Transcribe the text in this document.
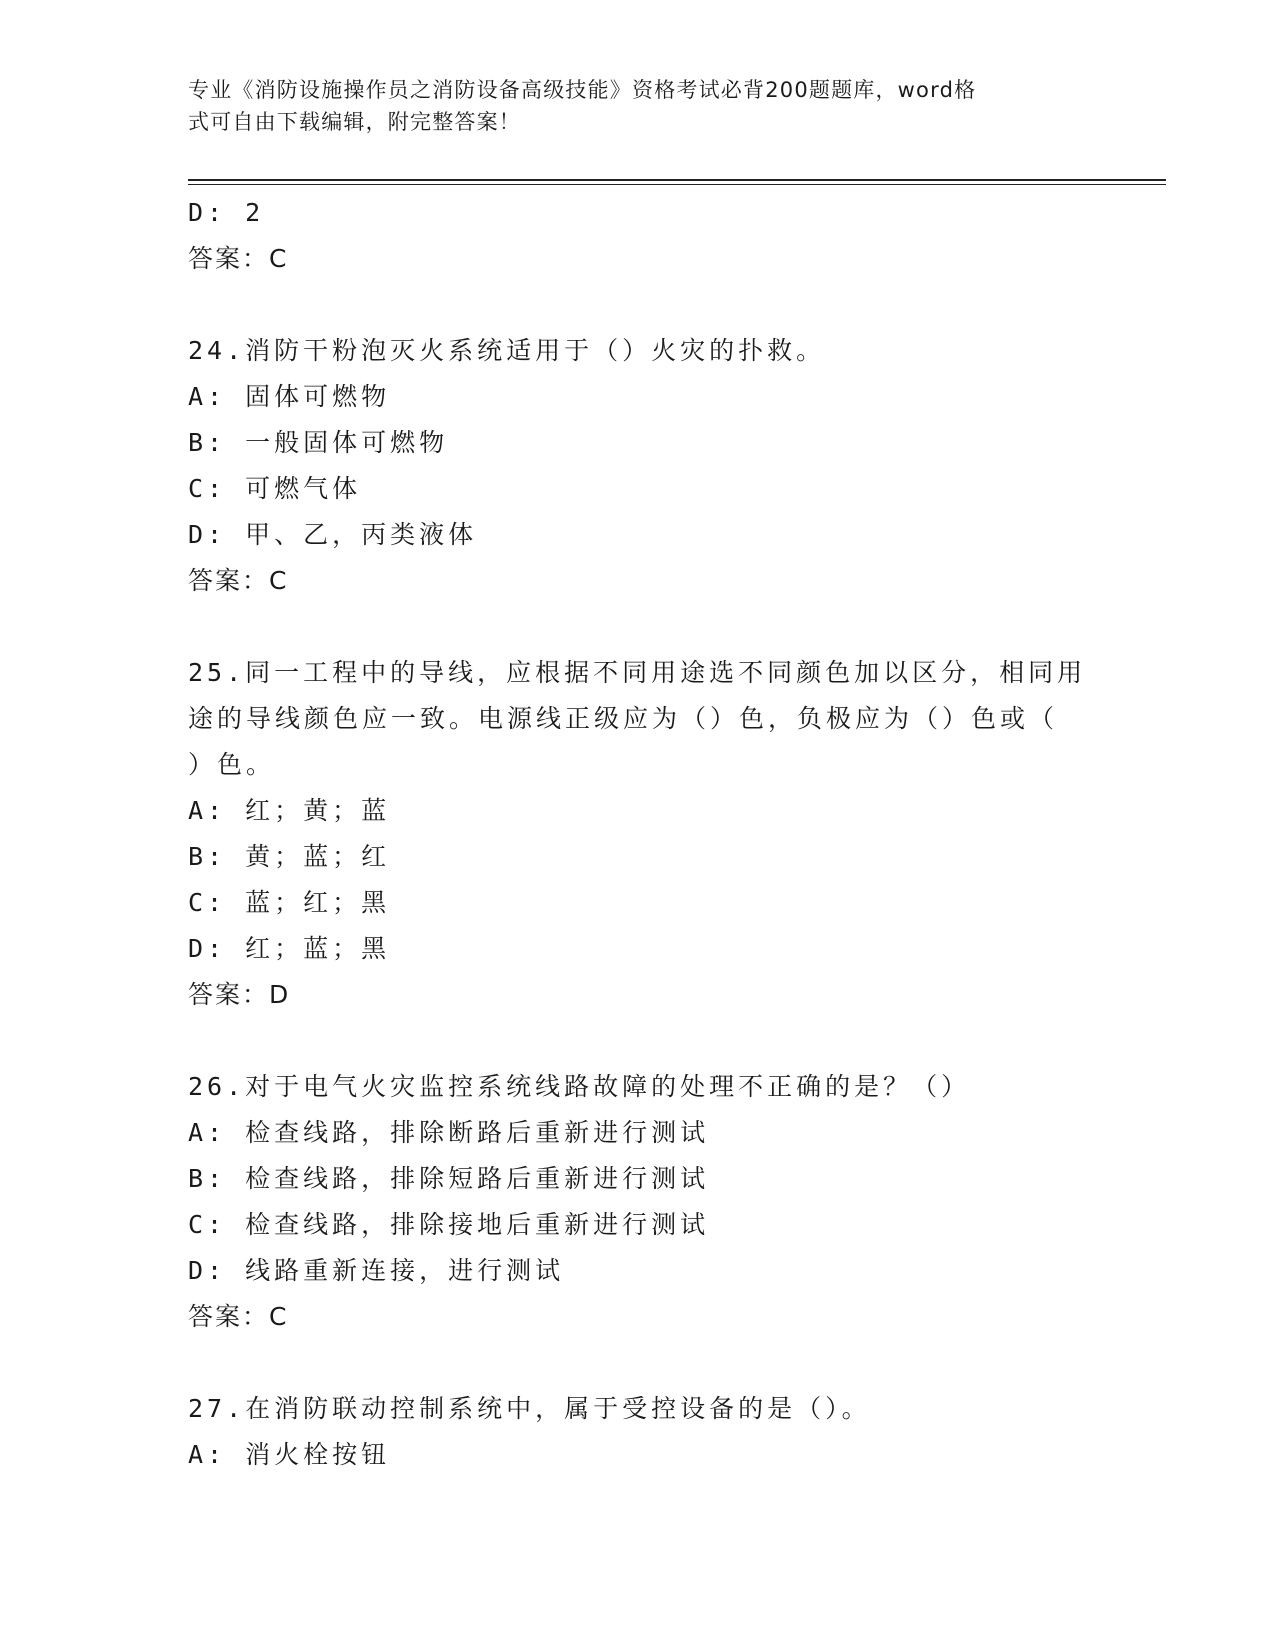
专业《消防设施操作员之消防设备高级技能》资格考试必背200题题库，word格
式可自由下载编辑，附完整答案！
D: 2
答案：C
24.消防干粉泡灭火系统适用于（）火灾的扑救。
A: 固体可燃物
B: 一般固体可燃物
C: 可燃气体
D: 甲、乙，丙类液体
答案：C
25.同一工程中的导线，应根据不同用途选不同颜色加以区分，相同用
途的导线颜色应一致。电源线正级应为（）色，负极应为（）色或（
）色。
A: 红；黄；蓝
B: 黄；蓝；红
C: 蓝；红；黑
D: 红；蓝；黑
答案：D
26.对于电气火灾监控系统线路故障的处理不正确的是？（）
A: 检查线路，排除断路后重新进行测试
B: 检查线路，排除短路后重新进行测试
C: 检查线路，排除接地后重新进行测试
D: 线路重新连接，进行测试
答案：C
27.在消防联动控制系统中，属于受控设备的是（）。
A: 消火栓按钮
